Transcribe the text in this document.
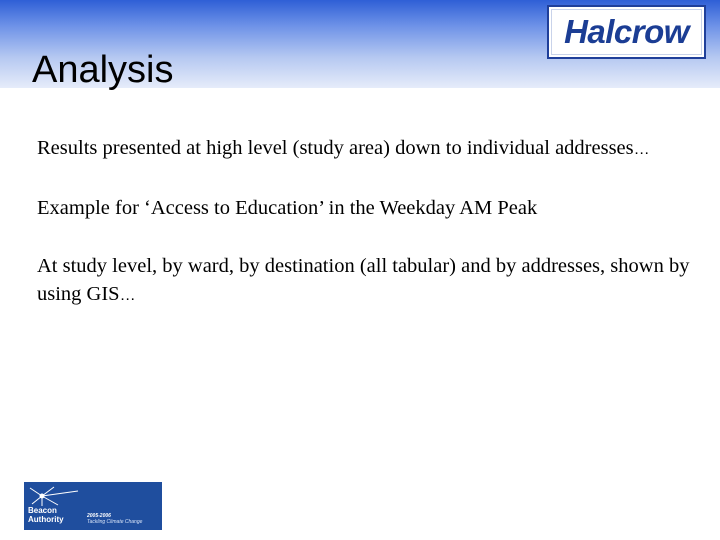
Analysis
Halcrow

Results presented at high level (study area) down to individual addresses…

Example for ‘Access to Education’ in the Weekday AM Peak

At study level, by ward, by destination (all tabular) and by addresses, shown by using GIS…

Beacon Authority	2005-2006
Tackling Climate Change
